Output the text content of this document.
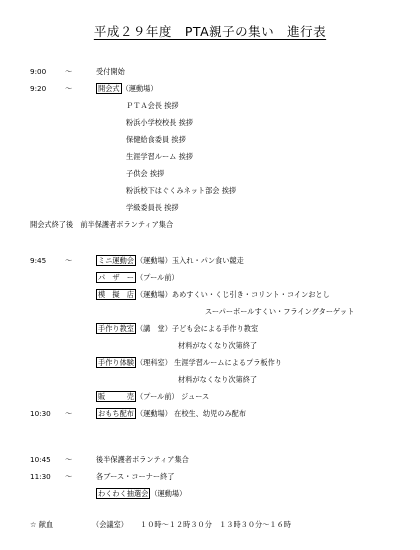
平成２９年度　PTA親子の集い　進行表
9:00	～	受付開始
9:20	～	開会式 （運動場）
ＰＴＡ会長 挨拶
粉浜小学校校長 挨拶
保健給食委員 挨拶
生涯学習ルーム 挨拶
子供会 挨拶
粉浜校下はぐくみネット部会 挨拶
学級委員長 挨拶
開会式終了後　前半保護者ボランティア集合
9:45	～	ミニ運動会 （運動場）玉入れ・パン食い競走
パ　ザ　ー （プール前）
模　擬　店 （運動場）あめすくい・くじ引き・コリント・コインおとし
スーパーボールすくい・フライングターゲット
手作り教室 （講　堂）子ども会による手作り教室
材料がなくなり次第終了
手作り体験 （理科室） 生涯学習ルームによるプラ板作り
材料がなくなり次第終了
販　　　売 （プール前） ジュース
10:30 ～	おもち配布 （運動場） 在校生、幼児のみ配布
10:45 ～	後半保護者ボランティア集合
11:30 ～	各ブース・コーナー終了
わくわく抽選会 （運動場）
☆ 献血	（会議室） １０時～１２時３０分　１３時３０分～１６時
